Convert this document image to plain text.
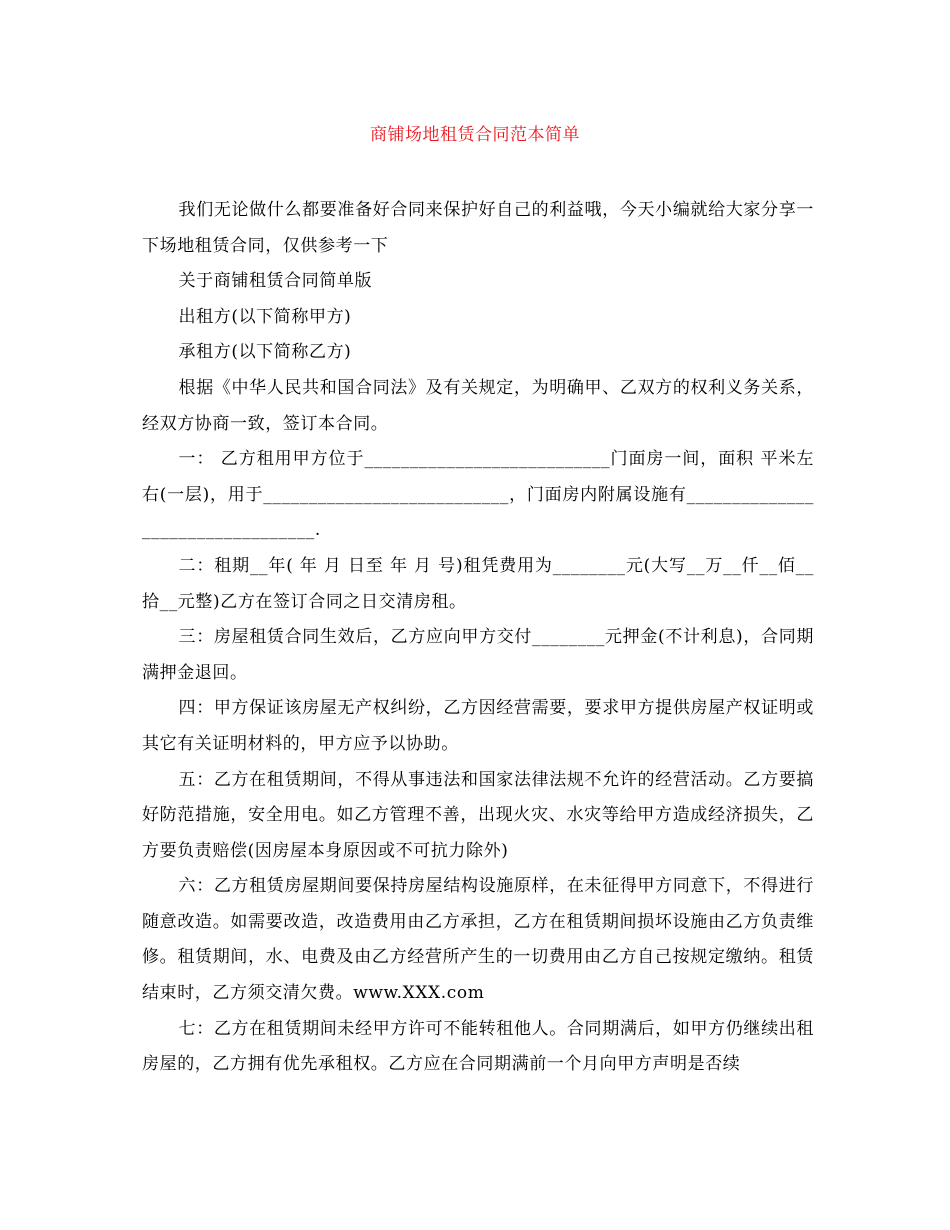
商铺场地租赁合同范本简单

我们无论做什么都要准备好合同来保护好自己的利益哦，今天小编就给大家分享一下场地租赁合同，仅供参考一下

关于商铺租赁合同简单版

出租方(以下简称甲方)

承租方(以下简称乙方)

根据《中华人民共和国合同法》及有关规定，为明确甲、乙双方的权利义务关系，经双方协商一致，签订本合同。

一： 乙方租用甲方位于___________________________门面房一间，面积 平米左右(一层)，用于___________________________，门面房内附属设施有_________________________________.

二：租期__年( 年 月 日至 年 月 号)租凭费用为________元(大写__万__仟__佰__拾__元整)乙方在签订合同之日交清房租。

三：房屋租赁合同生效后，乙方应向甲方交付________元押金(不计利息)，合同期满押金退回。

四：甲方保证该房屋无产权纠纷，乙方因经营需要，要求甲方提供房屋产权证明或其它有关证明材料的，甲方应予以协助。

五：乙方在租赁期间，不得从事违法和国家法律法规不允许的经营活动。乙方要搞好防范措施，安全用电。如乙方管理不善，出现火灾、水灾等给甲方造成经济损失，乙方要负责赔偿(因房屋本身原因或不可抗力除外)

六：乙方租赁房屋期间要保持房屋结构设施原样，在未征得甲方同意下，不得进行随意改造。如需要改造，改造费用由乙方承担，乙方在租赁期间损坏设施由乙方负责维修。租赁期间，水、电费及由乙方经营所产生的一切费用由乙方自己按规定缴纳。租赁结束时，乙方须交清欠费。www.XXX.com

七：乙方在租赁期间未经甲方许可不能转租他人。合同期满后，如甲方仍继续出租房屋的，乙方拥有优先承租权。乙方应在合同期满前一个月向甲方声明是否续
